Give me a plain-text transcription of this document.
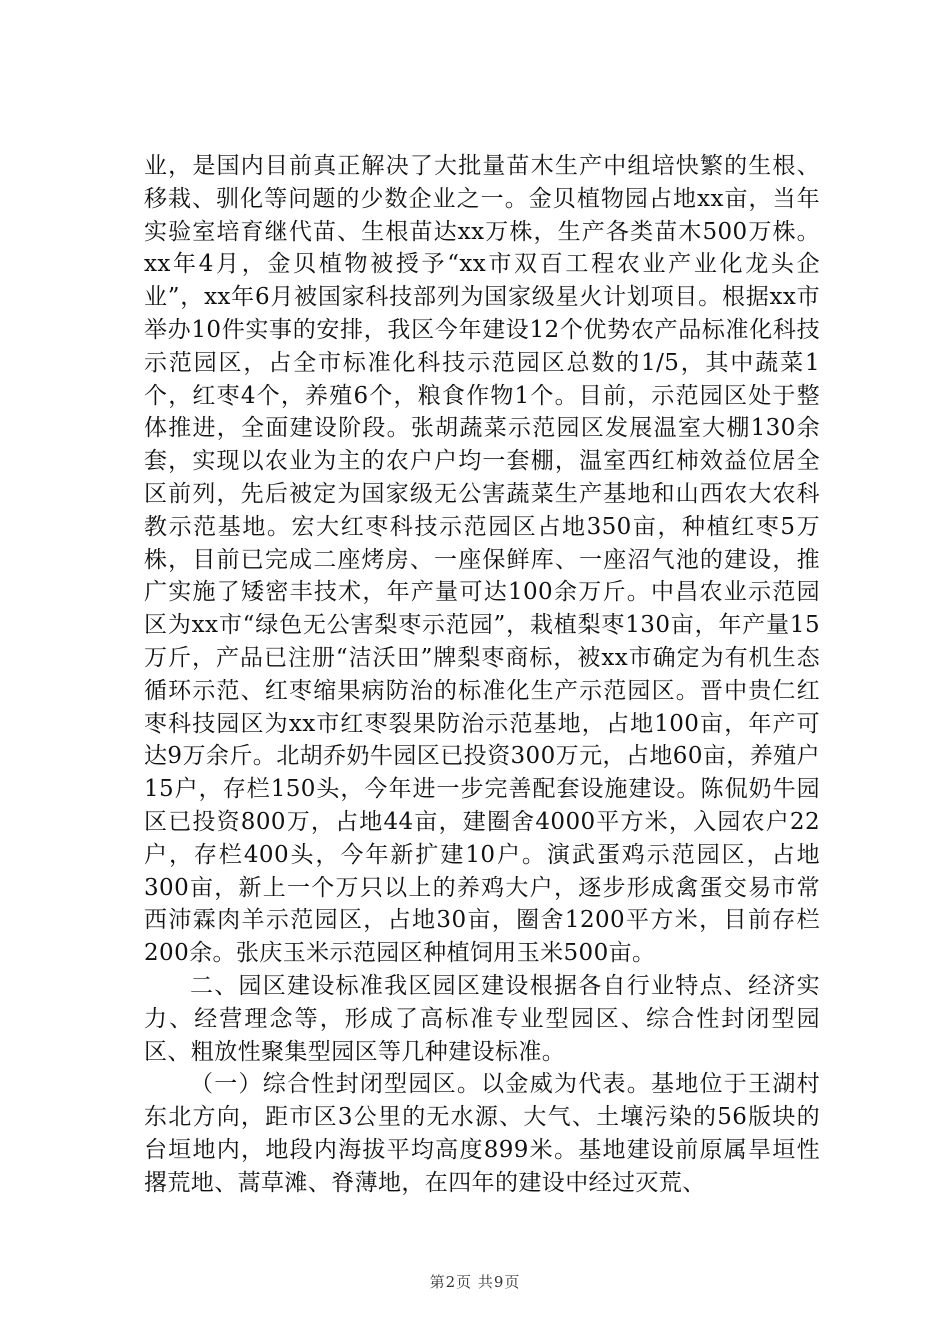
业，是国内目前真正解决了大批量苗木生产中组培快繁的生根、移栽、驯化等问题的少数企业之一。金贝植物园占地xx亩，当年实验室培育继代苗、生根苗达xx万株，生产各类苗木500万株。xx年4月，金贝植物被授予“xx市双百工程农业产业化龙头企业”，xx年6月被国家科技部列为国家级星火计划项目。根据xx市举办10件实事的安排，我区今年建设12个优势农产品标准化科技示范园区，占全市标准化科技示范园区总数的1/5，其中蔬菜1个，红枣4个，养殖6个，粮食作物1个。目前，示范园区处于整体推进，全面建设阶段。张胡蔬菜示范园区发展温室大棚130余套，实现以农业为主的农户户均一套棚，温室西红柿效益位居全区前列，先后被定为国家级无公害蔬菜生产基地和山西农大农科教示范基地。宏大红枣科技示范园区占地350亩，种植红枣5万株，目前已完成二座烤房、一座保鲜库、一座沼气池的建设，推广实施了矮密丰技术，年产量可达100余万斤。中昌农业示范园区为xx市“绿色无公害梨枣示范园”，栽植梨枣130亩，年产量15万斤，产品已注册“洁沃田”牌梨枣商标，被xx市确定为有机生态循环示范、红枣缩果病防治的标准化生产示范园区。晋中贵仁红枣科技园区为xx市红枣裂果防治示范基地，占地100亩，年产可达9万余斤。北胡乔奶牛园区已投资300万元，占地60亩，养殖户15户，存栏150头，今年进一步完善配套设施建设。陈侃奶牛园区已投资800万，占地44亩，建圈舍4000平方米，入园农户22户，存栏400头，今年新扩建10户。演武蛋鸡示范园区，占地300亩，新上一个万只以上的养鸡大户，逐步形成禽蛋交易市常西沛霖肉羊示范园区，占地30亩，圈舍1200平方米，目前存栏200余。张庆玉米示范园区种植饲用玉米500亩。

二、园区建设标准我区园区建设根据各自行业特点、经济实力、经营理念等，形成了高标准专业型园区、综合性封闭型园区、粗放性聚集型园区等几种建设标准。

（一）综合性封闭型园区。以金威为代表。基地位于王湖村东北方向，距市区3公里的无水源、大气、土壤污染的56版块的台垣地内，地段内海拔平均高度899米。基地建设前原属旱垣性撂荒地、蒿草滩、脊薄地，在四年的建设中经过灭荒、

第2页 共9页
